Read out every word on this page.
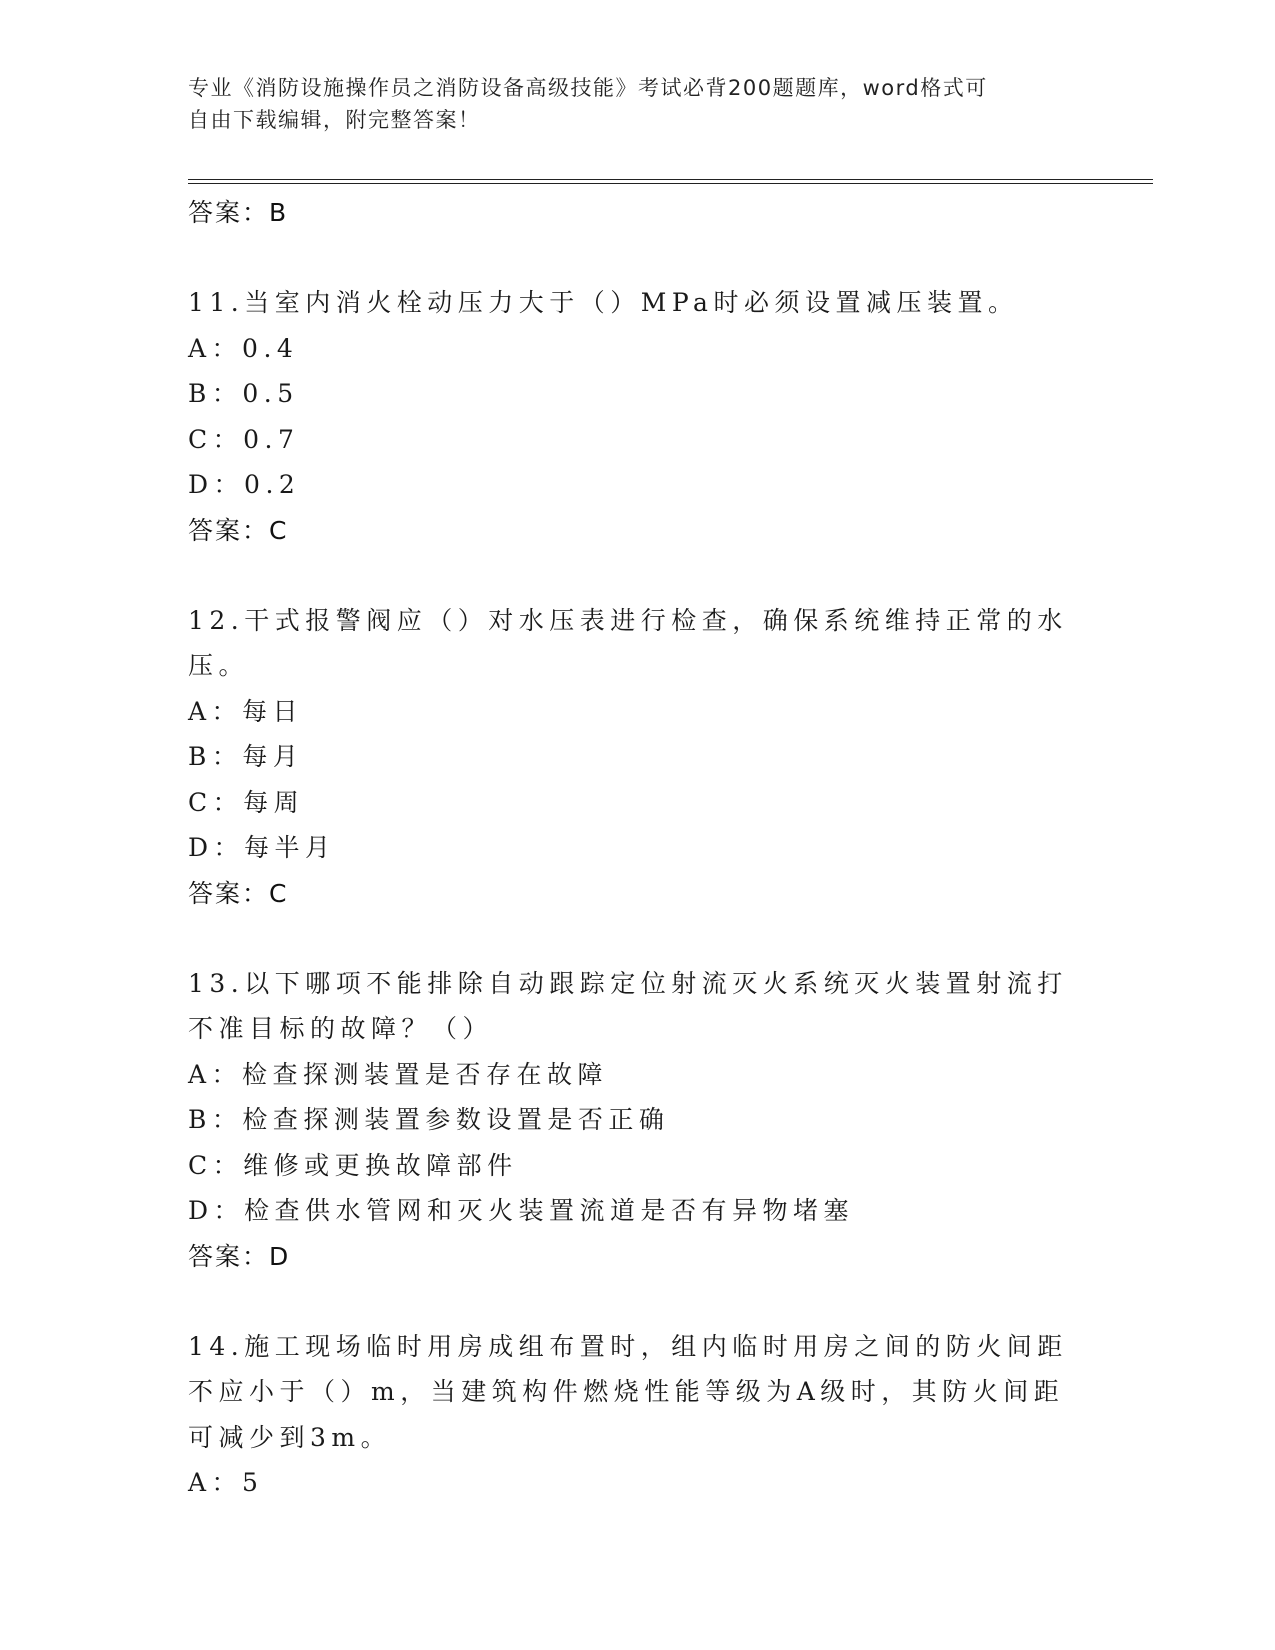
专业《消防设施操作员之消防设备高级技能》考试必背200题题库，word格式可
自由下载编辑，附完整答案！
答案：B
11.当室内消火栓动压力大于（）MPa时必须设置减压装置。
A：0.4
B：0.5
C：0.7
D：0.2
答案：C
12.干式报警阀应（）对水压表进行检查，确保系统维持正常的水压。
A：每日
B：每月
C：每周
D：每半月
答案：C
13.以下哪项不能排除自动跟踪定位射流灭火系统灭火装置射流打不准目标的故障？（）
A：检查探测装置是否存在故障
B：检查探测装置参数设置是否正确
C：维修或更换故障部件
D：检查供水管网和灭火装置流道是否有异物堵塞
答案：D
14.施工现场临时用房成组布置时，组内临时用房之间的防火间距不应小于（）m，当建筑构件燃烧性能等级为A级时，其防火间距可减少到3m。
A：5
